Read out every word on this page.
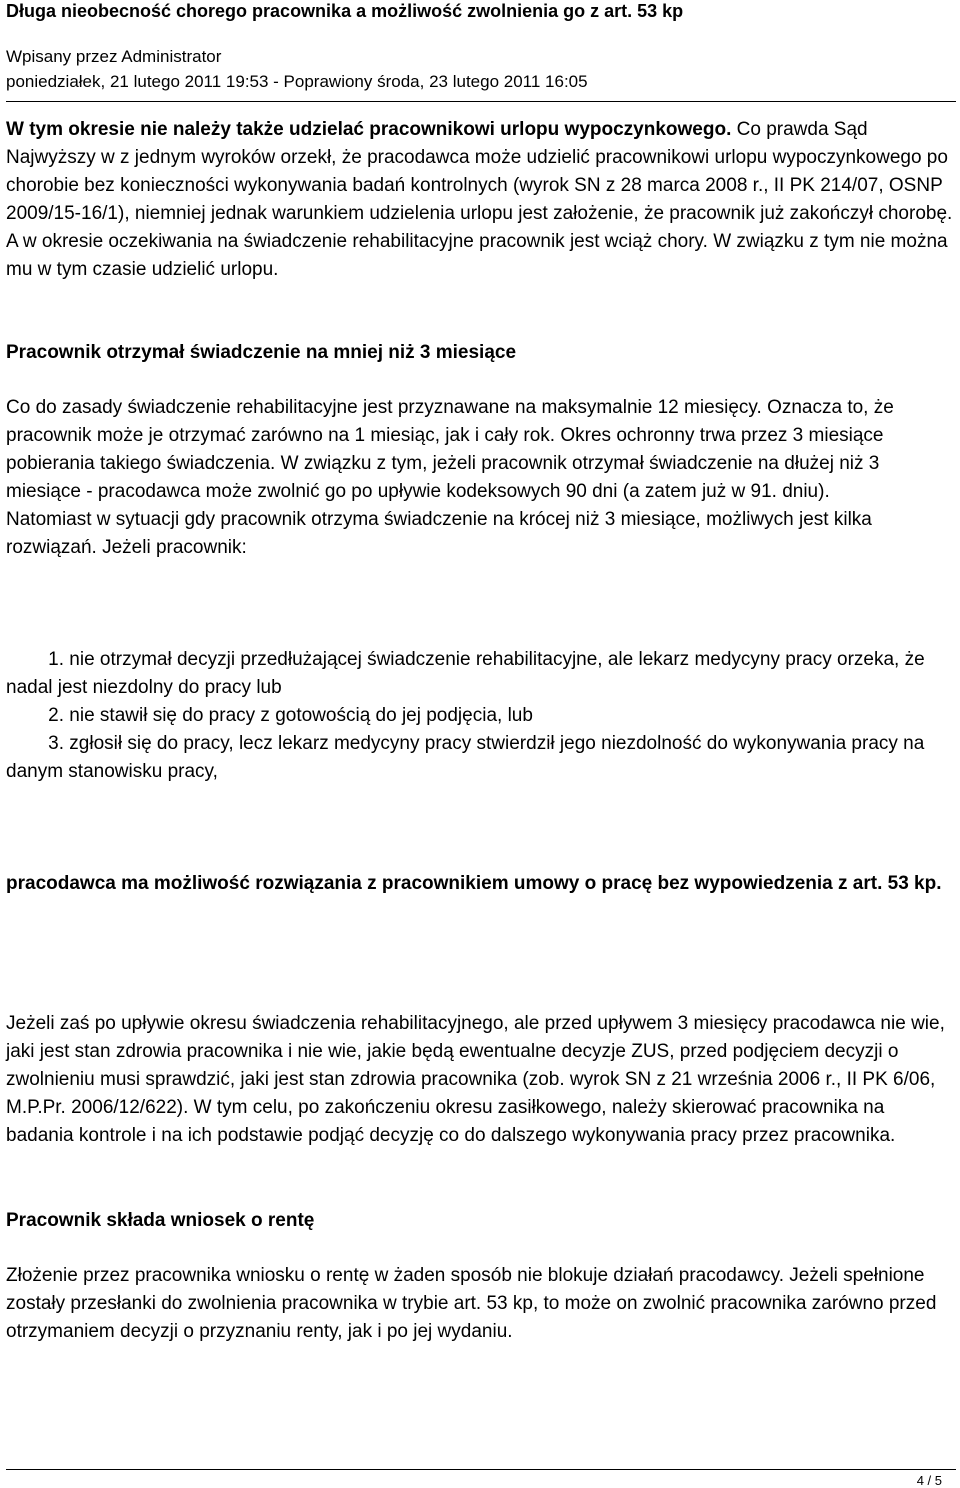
Długa nieobecność chorego pracownika a możliwość zwolnienia go z art. 53 kp
Wpisany przez Administrator
poniedziałek, 21 lutego 2011 19:53 - Poprawiony środa, 23 lutego 2011 16:05
W tym okresie nie należy także udzielać pracownikowi urlopu wypoczynkowego. Co prawda Sąd Najwyższy w z jednym wyroków orzekł, że pracodawca może udzielić pracownikowi urlopu wypoczynkowego po chorobie bez konieczności wykonywania badań kontrolnych (wyrok SN z 28 marca 2008 r., II PK 214/07, OSNP 2009/15-16/1), niemniej jednak warunkiem udzielenia urlopu jest założenie, że pracownik już zakończył chorobę. A w okresie oczekiwania na świadczenie rehabilitacyjne pracownik jest wciąż chory. W związku z tym nie można mu w tym czasie udzielić urlopu.
Pracownik otrzymał świadczenie na mniej niż 3 miesiące
Co do zasady świadczenie rehabilitacyjne jest przyznawane na maksymalnie 12 miesięcy. Oznacza to, że pracownik może je otrzymać zarówno na 1 miesiąc, jak i cały rok. Okres ochronny trwa przez 3 miesiące pobierania takiego świadczenia. W związku z tym, jeżeli pracownik otrzymał świadczenie na dłużej niż 3 miesiące - pracodawca może zwolnić go po upływie kodeksowych 90 dni (a zatem już w 91. dniu).
Natomiast w sytuacji gdy pracownik otrzyma świadczenie na krócej niż 3 miesiące, możliwych jest kilka rozwiązań. Jeżeli pracownik:
1. nie otrzymał decyzji przedłużającej świadczenie rehabilitacyjne, ale lekarz medycyny pracy orzeka, że nadal jest niezdolny do pracy lub
2. nie stawił się do pracy z gotowością do jej podjęcia, lub
3. zgłosił się do pracy, lecz lekarz medycyny pracy stwierdził jego niezdolność do wykonywania pracy na danym stanowisku pracy,
pracodawca ma możliwość rozwiązania z pracownikiem umowy o pracę bez wypowiedzenia z art. 53 kp.
Jeżeli zaś po upływie okresu świadczenia rehabilitacyjnego, ale przed upływem 3 miesięcy pracodawca nie wie, jaki jest stan zdrowia pracownika i nie wie, jakie będą ewentualne decyzje ZUS, przed podjęciem decyzji o zwolnieniu musi sprawdzić, jaki jest stan zdrowia pracownika (zob. wyrok SN z 21 września 2006 r., II PK 6/06, M.P.Pr. 2006/12/622). W tym celu, po zakończeniu okresu zasiłkowego, należy skierować pracownika na badania kontrole i na ich podstawie podjąć decyzję co do dalszego wykonywania pracy przez pracownika.
Pracownik składa wniosek o rentę
Złożenie przez pracownika wniosku o rentę w żaden sposób nie blokuje działań pracodawcy. Jeżeli spełnione zostały przesłanki do zwolnienia pracownika w trybie art. 53 kp, to może on zwolnić pracownika zarówno przed otrzymaniem decyzji o przyznaniu renty, jak i po jej wydaniu.
4 / 5
